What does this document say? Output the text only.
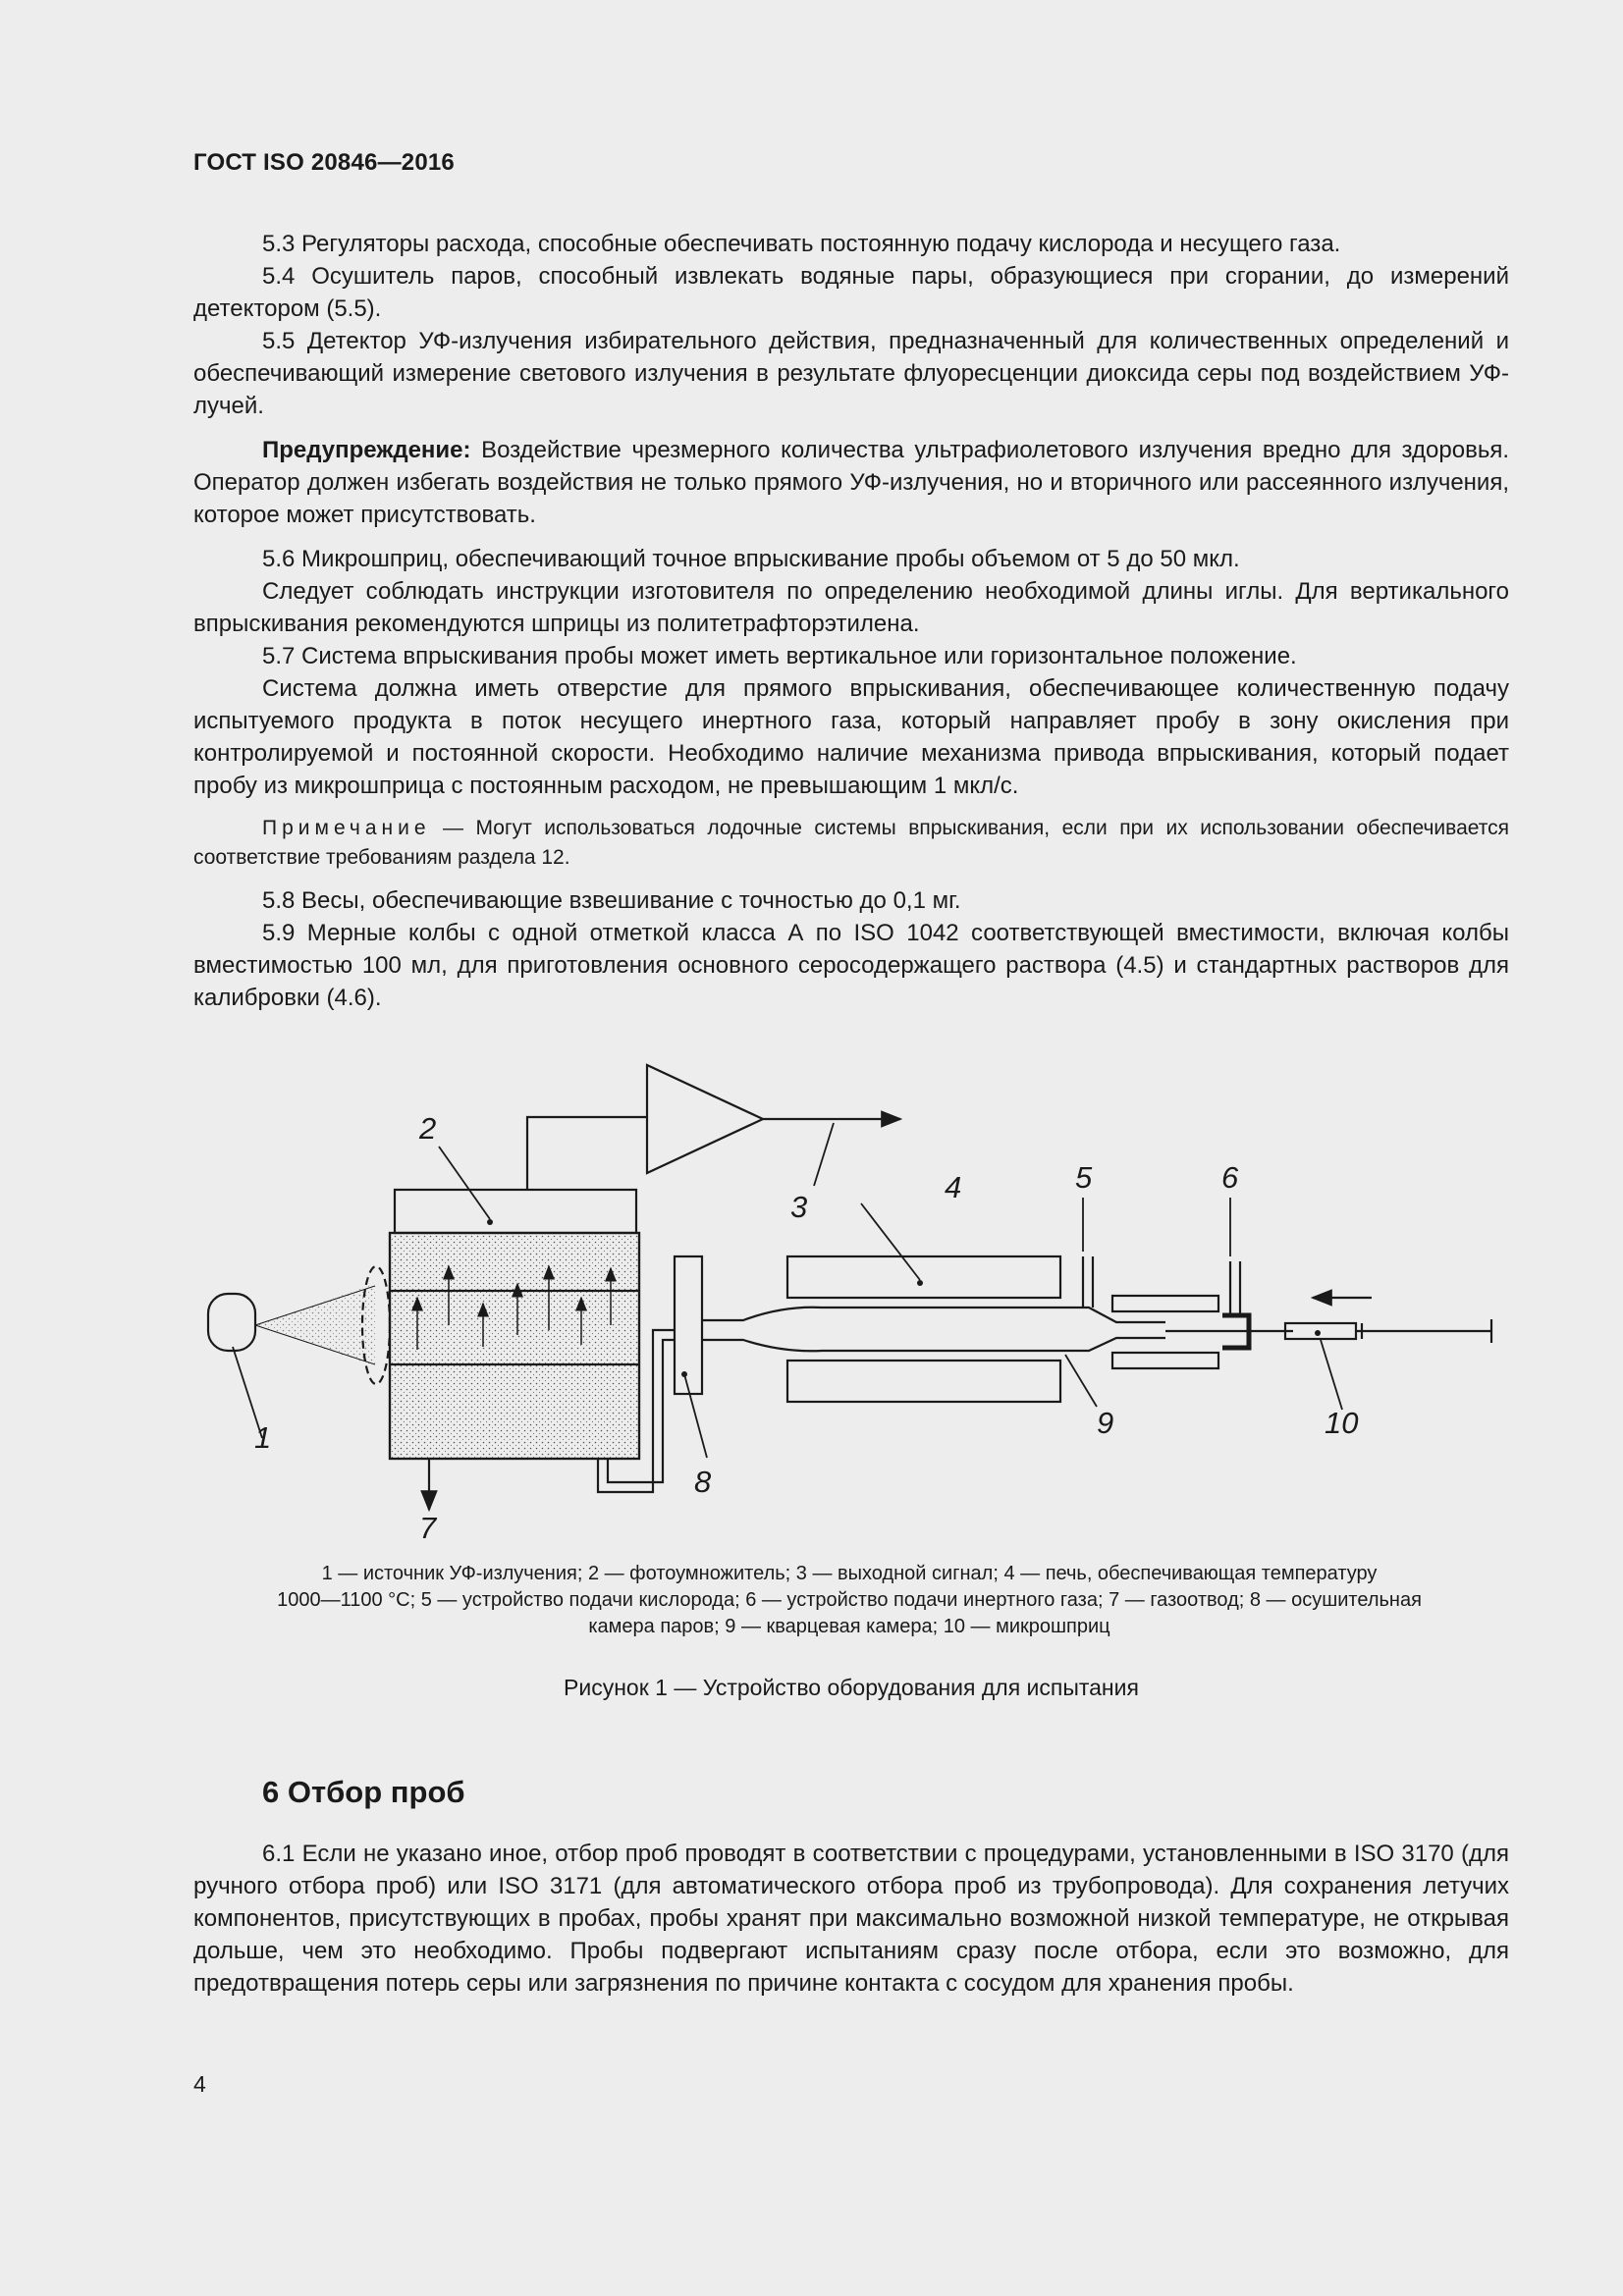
ГОСТ ISO 20846—2016

5.3 Регуляторы расхода, способные обеспечивать постоянную подачу кислорода и несущего газа.

5.4 Осушитель паров, способный извлекать водяные пары, образующиеся при сгорании, до измерений детектором (5.5).

5.5 Детектор УФ-излучения избирательного действия, предназначенный для количественных определений и обеспечивающий измерение светового излучения в результате флуоресценции диоксида серы под воздействием УФ-лучей.

Предупреждение: Воздействие чрезмерного количества ультрафиолетового излучения вредно для здоровья. Оператор должен избегать воздействия не только прямого УФ-излучения, но и вторичного или рассеянного излучения, которое может присутствовать.

5.6 Микрошприц, обеспечивающий точное впрыскивание пробы объемом от 5 до 50 мкл.

Следует соблюдать инструкции изготовителя по определению необходимой длины иглы. Для вертикального впрыскивания рекомендуются шприцы из политетрафторэтилена.

5.7 Система впрыскивания пробы может иметь вертикальное или горизонтальное положение.

Система должна иметь отверстие для прямого впрыскивания, обеспечивающее количественную подачу испытуемого продукта в поток несущего инертного газа, который направляет пробу в зону окисления при контролируемой и постоянной скорости. Необходимо наличие механизма привода впрыскивания, который подает пробу из микрошприца с постоянным расходом, не превышающим 1 мкл/с.

Примечание — Могут использоваться лодочные системы впрыскивания, если при их использовании обеспечивается соответствие требованиям раздела 12.

5.8 Весы, обеспечивающие взвешивание с точностью до 0,1 мг.

5.9 Мерные колбы с одной отметкой класса А по ISO 1042 соответствующей вместимости, включая колбы вместимостью 100 мл, для приготовления основного серосодержащего раствора (4.5) и стандартных растворов для калибровки (4.6).

1
2
3
4	5	6
7
8
9	10
1 — источник УФ-излучения; 2 — фотоумножитель; 3 — выходной сигнал; 4 — печь, обеспечивающая температуру
1000—1100 °С; 5 — устройство подачи кислорода; 6 — устройство подачи инертного газа; 7 — газоотвод; 8 — осушительная
камера паров; 9 — кварцевая камера; 10 — микрошприц
Рисунок 1 — Устройство оборудования для испытания
6 Отбор проб

6.1 Если не указано иное, отбор проб проводят в соответствии с процедурами, установленными в ISO 3170 (для ручного отбора проб) или ISO 3171 (для автоматического отбора проб из трубопровода). Для сохранения летучих компонентов, присутствующих в пробах, пробы хранят при максимально возможной низкой температуре, не открывая дольше, чем это необходимо. Пробы подвергают испытаниям сразу после отбора, если это возможно, для предотвращения потерь серы или загрязнения по причине контакта с сосудом для хранения пробы.

4
